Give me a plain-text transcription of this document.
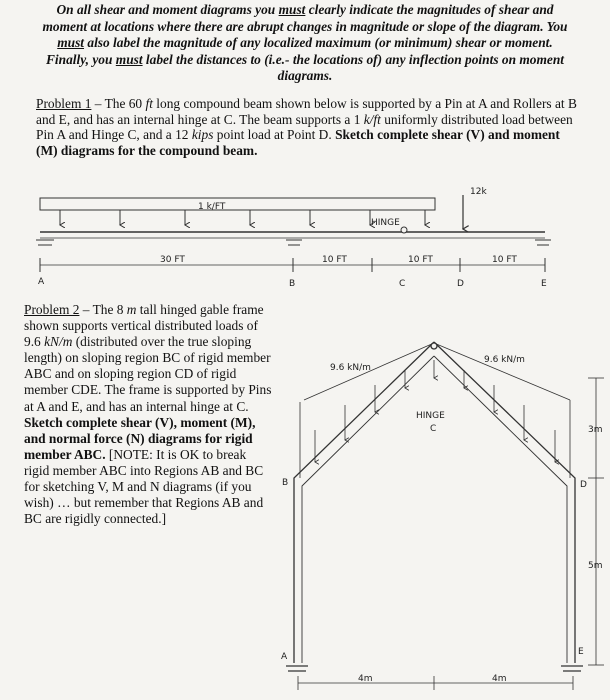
On all shear and moment diagrams you must clearly indicate the magnitudes of shear and moment at locations where there are abrupt changes in magnitude or slope of the diagram. You must also label the magnitude of any localized maximum (or minimum) shear or moment. Finally, you must label the distances to (i.e.- the locations of) any inflection points on moment diagrams.
Problem 1 – The 60 ft long compound beam shown below is supported by a Pin at A and Rollers at B and E, and has an internal hinge at C. The beam supports a 1 k/ft uniformly distributed load between Pin A and Hinge C, and a 12 kips point load at Point D. Sketch complete shear (V) and moment (M) diagrams for the compound beam.
Problem 2 – The 8 m tall hinged gable frame shown supports vertical distributed loads of 9.6 kN/m (distributed over the true sloping length) on sloping region BC of rigid member ABC and on sloping region CD of rigid member CDE. The frame is supported by Pins at A and E, and has an internal hinge at C. Sketch complete shear (V), moment (M), and normal force (N) diagrams for rigid member ABC. [NOTE: It is OK to break rigid member ABC into Regions AB and BC for sketching V, M and N diagrams (if you wish) … but remember that Regions AB and BC are rigidly connected.]
1 k/FT
12k
HINGE
30 FT	10 FT	10 FT	10 FT
A	B	C	D	E
9.6 kN/m
9.6 kN/m
HINGE
C
B	D
A	E
3m
5m
4m	4m
